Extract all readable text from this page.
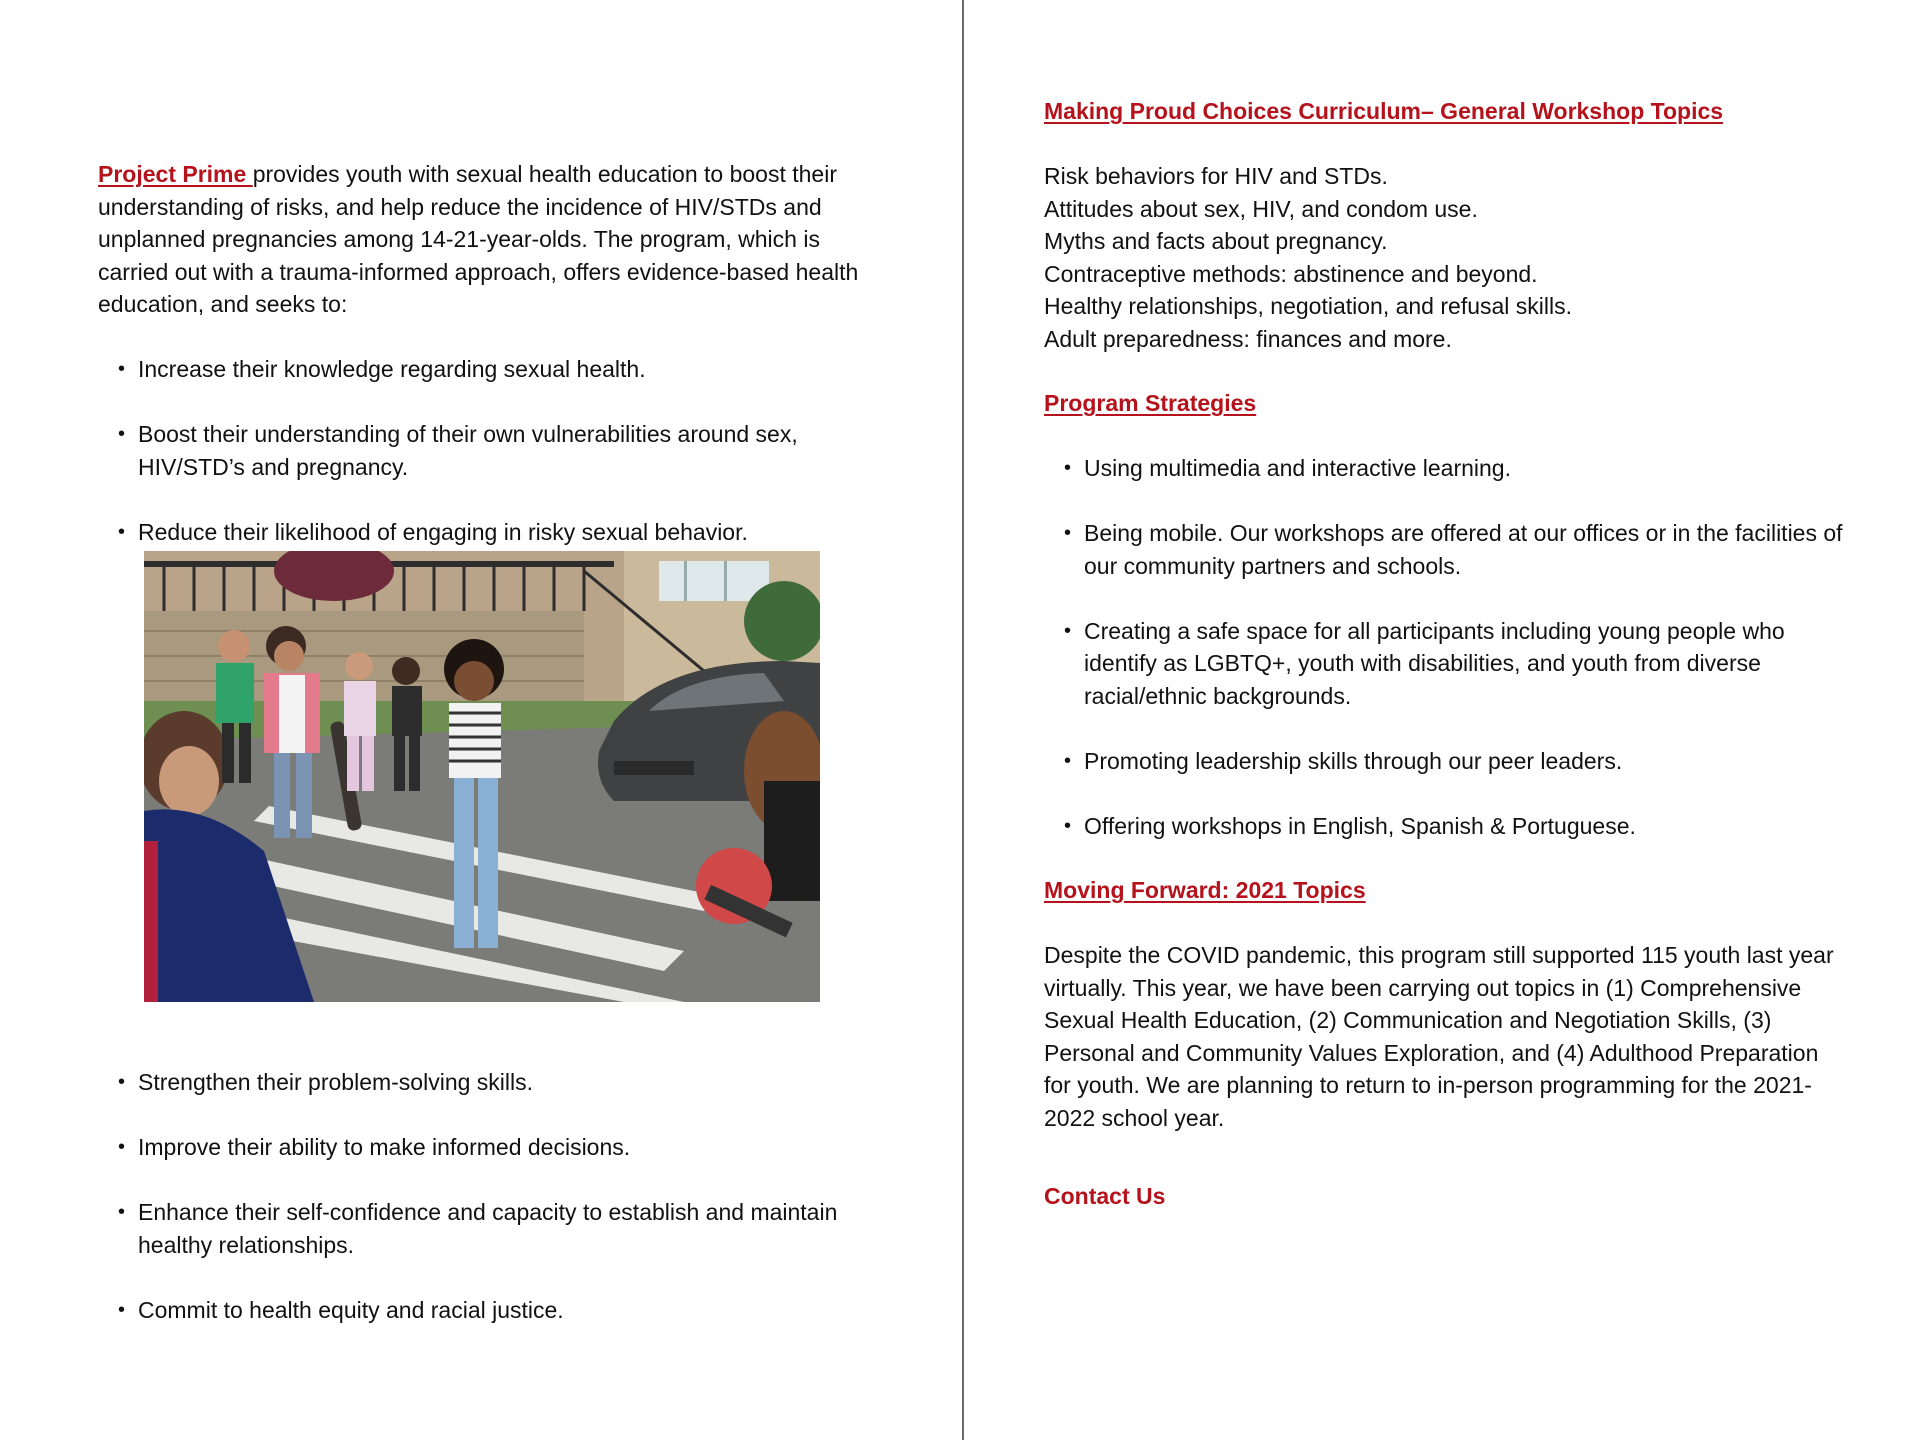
Project Prime provides youth with sexual health education to boost their understanding of risks, and help reduce the incidence of HIV/STDs and unplanned pregnancies among 14-21-year-olds. The program, which is carried out with a trauma-informed approach, offers evidence-based health education, and seeks to:

• Increase their knowledge regarding sexual health.
• Boost their understanding of their own vulnerabilities around sex, HIV/STD’s and pregnancy.
• Reduce their likelihood of engaging in risky sexual behavior.
• Strengthen their problem-solving skills.
• Improve their ability to make informed decisions.
• Enhance their self-confidence and capacity to establish and maintain healthy relationships.
• Commit to health equity and racial justice.
Making Proud Choices Curriculum– General Workshop Topics
Risk behaviors for HIV and STDs.
Attitudes about sex, HIV, and condom use.
Myths and facts about pregnancy.
Contraceptive methods: abstinence and beyond.
Healthy relationships, negotiation, and refusal skills.
Adult preparedness: finances and more.
Program Strategies
• Using multimedia and interactive learning.
• Being mobile. Our workshops are offered at our offices or in the facilities of our community partners and schools.
• Creating a safe space for all participants including young people who identify as LGBTQ+, youth with disabilities, and youth from diverse racial/ethnic backgrounds.
• Promoting leadership skills through our peer leaders.
• Offering workshops in English, Spanish & Portuguese.
Moving Forward: 2021 Topics

Despite the COVID pandemic, this program still supported 115 youth last year virtually. This year, we have been carrying out topics in (1) Comprehensive Sexual Health Education, (2) Communication and Negotiation Skills, (3) Personal and Community Values Exploration, and (4) Adulthood Preparation for youth. We are planning to return to in-person programming for the 2021-2022 school year.

Contact Us
